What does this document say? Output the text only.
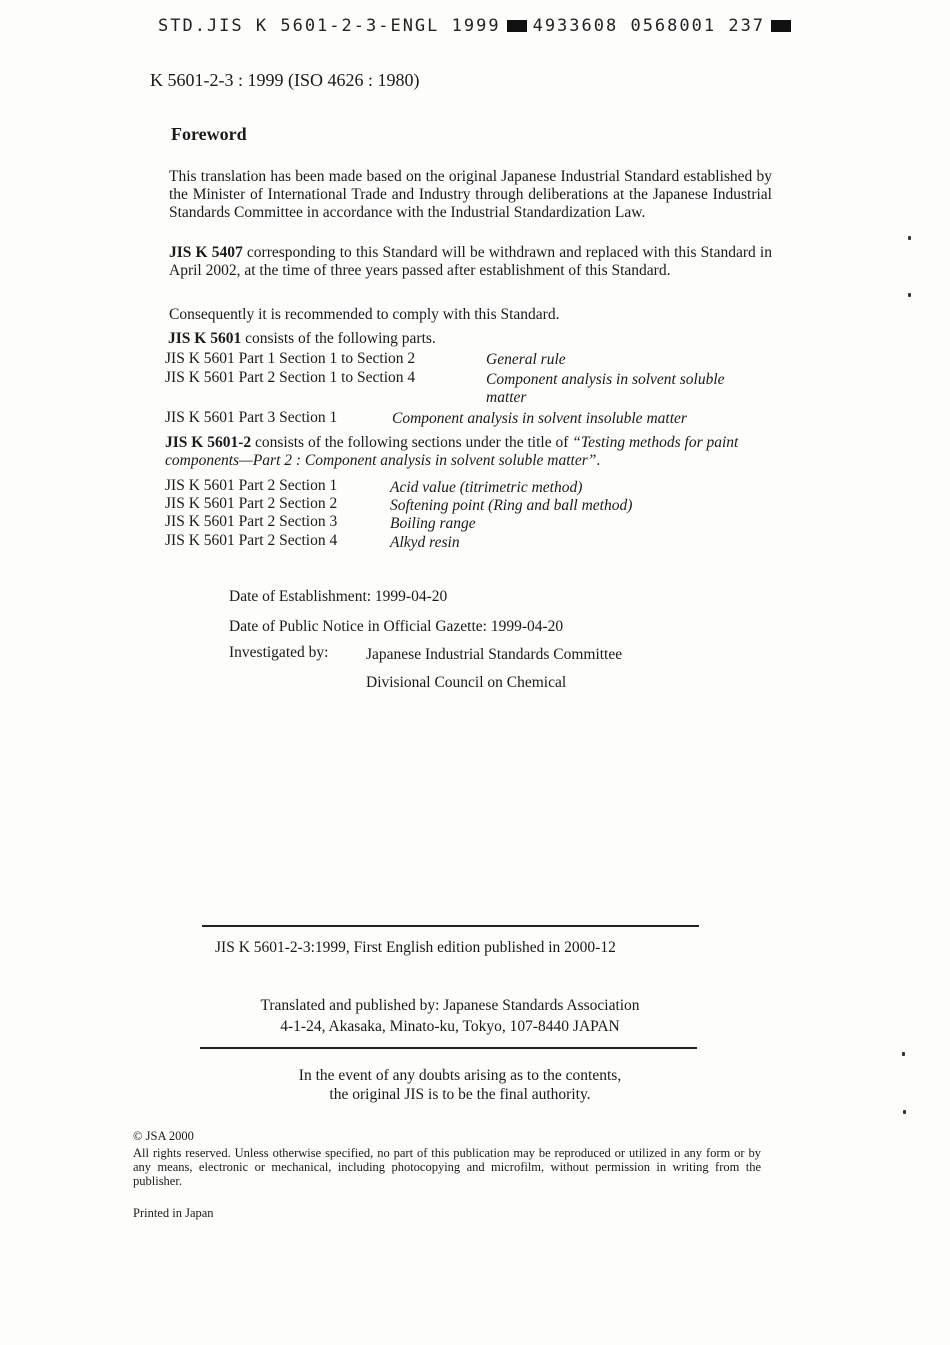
STD.JIS K 5601-2-3-ENGL 1999 4933608 0568001 237
K 5601-2-3 : 1999 (ISO 4626 : 1980)
Foreword
This translation has been made based on the original Japanese Industrial Standard established by the Minister of International Trade and Industry through deliberations at the Japanese Industrial Standards Committee in accordance with the Industrial Standardization Law.
JIS K 5407 corresponding to this Standard will be withdrawn and replaced with this Standard in April 2002, at the time of three years passed after establishment of this Standard.
Consequently it is recommended to comply with this Standard.
JIS K 5601 consists of the following parts.
JIS K 5601 Part 1 Section 1 to Section 2	General rule
JIS K 5601 Part 2 Section 1 to Section 4	Component analysis in solvent soluble
matter
JIS K 5601 Part 3 Section 1	Component analysis in solvent insoluble matter
JIS K 5601-2 consists of the following sections under the title of “Testing methods for paint components—Part 2 : Component analysis in solvent soluble matter”.
JIS K 5601 Part 2 Section 1	Acid value (titrimetric method)
JIS K 5601 Part 2 Section 2	Softening point (Ring and ball method)
JIS K 5601 Part 2 Section 3	Boiling range
JIS K 5601 Part 2 Section 4	Alkyd resin
Date of Establishment: 1999-04-20
Date of Public Notice in Official Gazette: 1999-04-20
Investigated by: Japanese Industrial Standards Committee
Divisional Council on Chemical
JIS K 5601-2-3:1999, First English edition published in 2000-12
Translated and published by: Japanese Standards Association
4-1-24, Akasaka, Minato-ku, Tokyo, 107-8440 JAPAN
In the event of any doubts arising as to the contents,
the original JIS is to be the final authority.
© JSA 2000
All rights reserved. Unless otherwise specified, no part of this publication may be reproduced or utilized in any form or by any means, electronic or mechanical, including photocopying and microfilm, without permission in writing from the publisher.
Printed in Japan
